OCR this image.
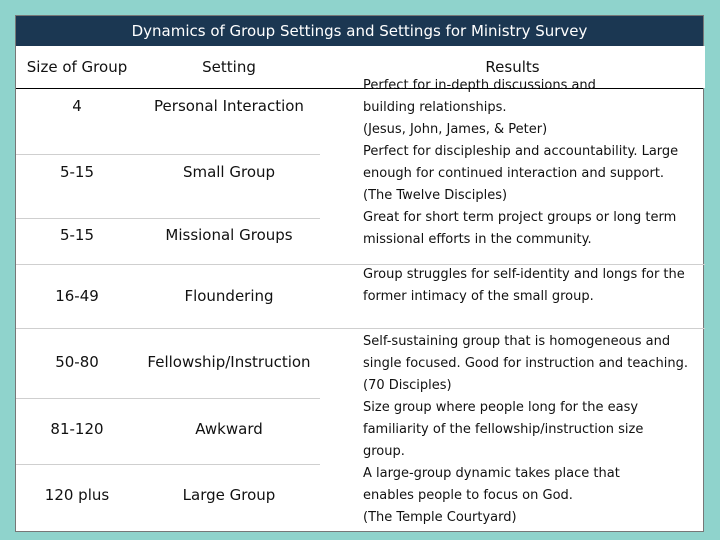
Dynamics of Group Settings and Settings for Ministry Survey
Size of Group	Setting	Results
4
5-15
5-15
16-49
50-80
81-120
120 plus
Personal Interaction
Small Group
Missional Groups
Floundering
Fellowship/Instruction
Awkward
Large Group
Perfect for in-depth discussions and
building relationships.
(Jesus, John, James, & Peter)
Perfect for discipleship and accountability. Large
enough for continued interaction and support.
(The Twelve Disciples)
Great for short term project groups or long term
missional efforts in the community.
Group struggles for self-identity and longs for the
former intimacy of the small group.
Self-sustaining group that is homogeneous and
single focused. Good for instruction and teaching.
(70 Disciples)
Size group where people long for the easy
familiarity of the fellowship/instruction size
group.
A large-group dynamic takes place that
enables people to focus on God.
(The Temple Courtyard)
